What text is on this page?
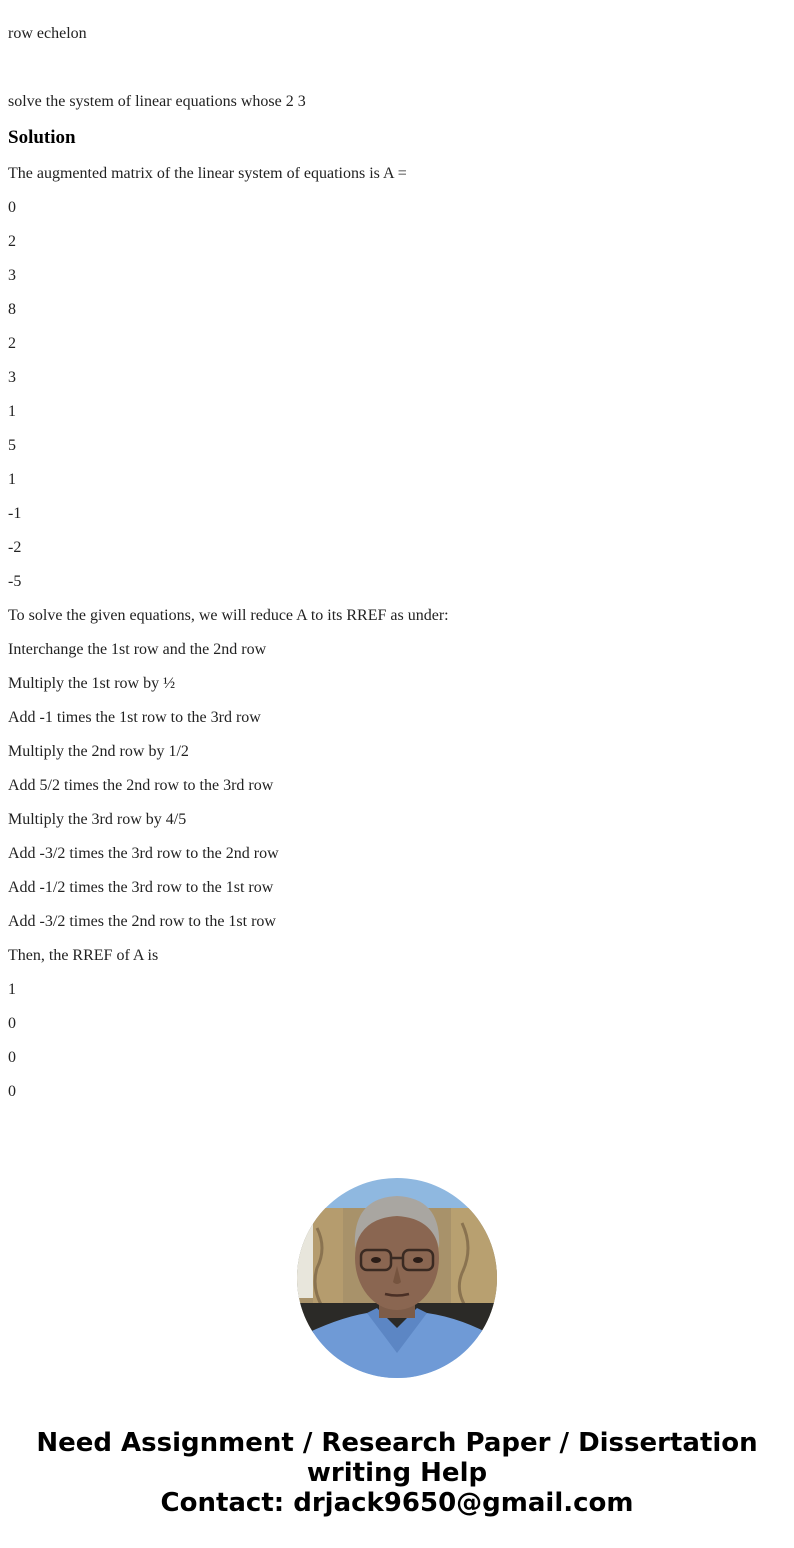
row echelon

solve the system of linear equations whose 2 3

Solution

The augmented matrix of the linear system of equations is A =

0

2

3

8

2

3

1

5

1

-1

-2

-5

To solve the given equations, we will reduce A to its RREF as under:

Interchange the 1st row and the 2nd row

Multiply the 1st row by ½

Add -1 times the 1st row to the 3rd row

Multiply the 2nd row by 1/2

Add 5/2 times the 2nd row to the 3rd row

Multiply the 3rd row by 4/5

Add -3/2 times the 3rd row to the 2nd row

Add -1/2 times the 3rd row to the 1st row

Add -3/2 times the 2nd row to the 1st row

Then, the RREF of A is

1

0

0

0

Need Assignment / Research Paper / Dissertation
writing Help
Contact: drjack9650@gmail.com
